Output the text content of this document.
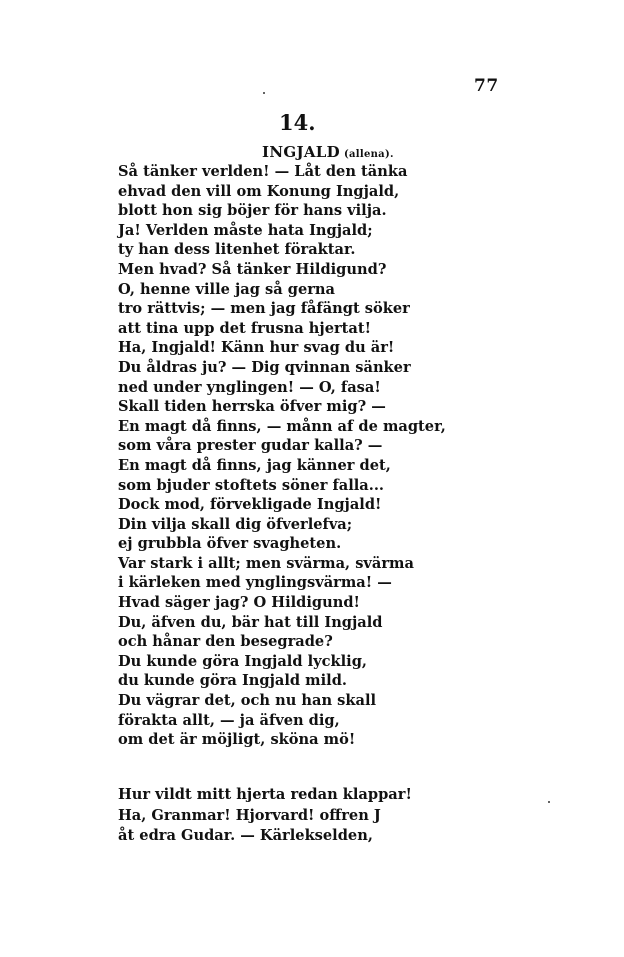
77
14.
INGJALD (allena).
Så tänker verlden! — Låt den tänka
ehvad den vill om Konung Ingjald,
blott hon sig böjer för hans vilja.
Ja! Verlden måste hata Ingjald;
ty han dess litenhet föraktar.
Men hvad? Så tänker Hildigund?
O, henne ville jag så gerna
tro rättvis; — men jag fåfängt söker
att tina upp det frusna hjertat!
Ha, Ingjald! Känn hur svag du är!
Du åldras ju? — Dig qvinnan sänker
ned under ynglingen! — O, fasa!
Skall tiden herrska öfver mig? —
En magt då finns, — månn af de magter,
som våra prester gudar kalla? —
En magt då finns, jag känner det,
som bjuder stoftets söner falla...
Dock mod, förvekligade Ingjald!
Din vilja skall dig öfverlefva;
ej grubbla öfver svagheten.
Var stark i allt; men svärma, svärma
i kärleken med ynglingsvärma! —
Hvad säger jag? O Hildigund!
Du, äfven du, bär hat till Ingjald
och hånar den besegrade?
Du kunde göra Ingjald lycklig,
du kunde göra Ingjald mild.
Du vägrar det, och nu han skall
förakta allt, — ja äfven dig,
om det är möjligt, sköna mö!
Hur vildt mitt hjerta redan klappar!
Ha, Granmar! Hjorvard! offren J
åt edra Gudar. — Kärlekselden,
